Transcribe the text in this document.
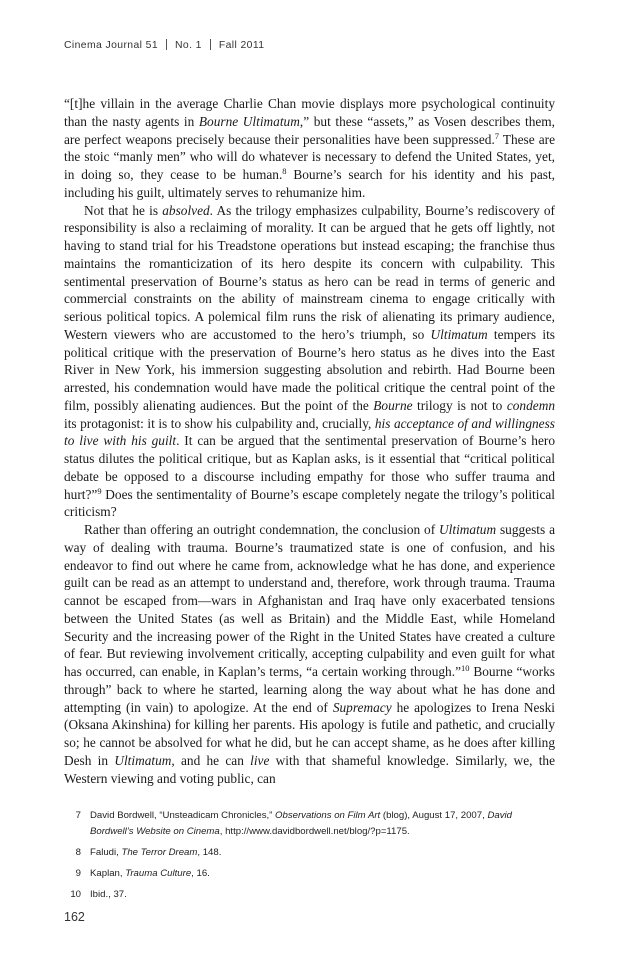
Cinema Journal 51 No. 1 Fall 2011

“[t]he villain in the average Charlie Chan movie displays more psychological continuity than the nasty agents in Bourne Ultimatum,” but these “assets,” as Vosen describes them, are perfect weapons precisely because their personalities have been suppressed.$^7$ These are the stoic “manly men” who will do whatever is necessary to defend the United States, yet, in doing so, they cease to be human.$^8$ Bourne’s search for his identity and his past, including his guilt, ultimately serves to rehumanize him.

Not that he is absolved. As the trilogy emphasizes culpability, Bourne’s rediscovery of responsibility is also a reclaiming of morality. It can be argued that he gets off lightly, not having to stand trial for his Treadstone operations but instead escaping; the franchise thus maintains the romanticization of its hero despite its concern with culpability. This sentimental preservation of Bourne’s status as hero can be read in terms of generic and commercial constraints on the ability of mainstream cinema to engage critically with serious political topics. A polemical film runs the risk of alienating its primary audience, Western viewers who are accustomed to the hero’s triumph, so Ultimatum tempers its political critique with the preservation of Bourne’s hero status as he dives into the East River in New York, his immersion suggesting absolution and rebirth. Had Bourne been arrested, his condemnation would have made the political critique the central point of the film, possibly alienating audiences. But the point of the Bourne trilogy is not to condemn its protagonist: it is to show his culpability and, crucially, his acceptance of and willingness to live with his guilt. It can be argued that the sentimental preservation of Bourne’s hero status dilutes the political critique, but as Kaplan asks, is it essential that “critical political debate be opposed to a discourse including empathy for those who suffer trauma and hurt?”$^9$ Does the sentimentality of Bourne’s escape completely negate the trilogy’s political criticism?

Rather than offering an outright condemnation, the conclusion of Ultimatum suggests a way of dealing with trauma. Bourne’s traumatized state is one of confusion, and his endeavor to find out where he came from, acknowledge what he has done, and experience guilt can be read as an attempt to understand and, therefore, work through trauma. Trauma cannot be escaped from—wars in Afghanistan and Iraq have only exacerbated tensions between the United States (as well as Britain) and the Middle East, while Homeland Security and the increasing power of the Right in the United States have created a culture of fear. But reviewing involvement critically, accepting culpability and even guilt for what has occurred, can enable, in Kaplan’s terms, “a certain working through.”$^{10}$ Bourne “works through” back to where he started, learning along the way about what he has done and attempting (in vain) to apologize. At the end of Supremacy he apologizes to Irena Neski (Oksana Akinshina) for killing her parents. His apology is futile and pathetic, and crucially so; he cannot be absolved for what he did, but he can accept shame, as he does after killing Desh in Ultimatum, and he can live with that shameful knowledge. Similarly, we, the Western viewing and voting public, can

7 David Bordwell, “Unsteadicam Chronicles,” Observations on Film Art (blog), August 17, 2007, David Bordwell’s Website on Cinema, http://www.davidbordwell.net/blog/?p=1175.
8 Faludi, The Terror Dream, 148.
9 Kaplan, Trauma Culture, 16.
10 Ibid., 37.
162
